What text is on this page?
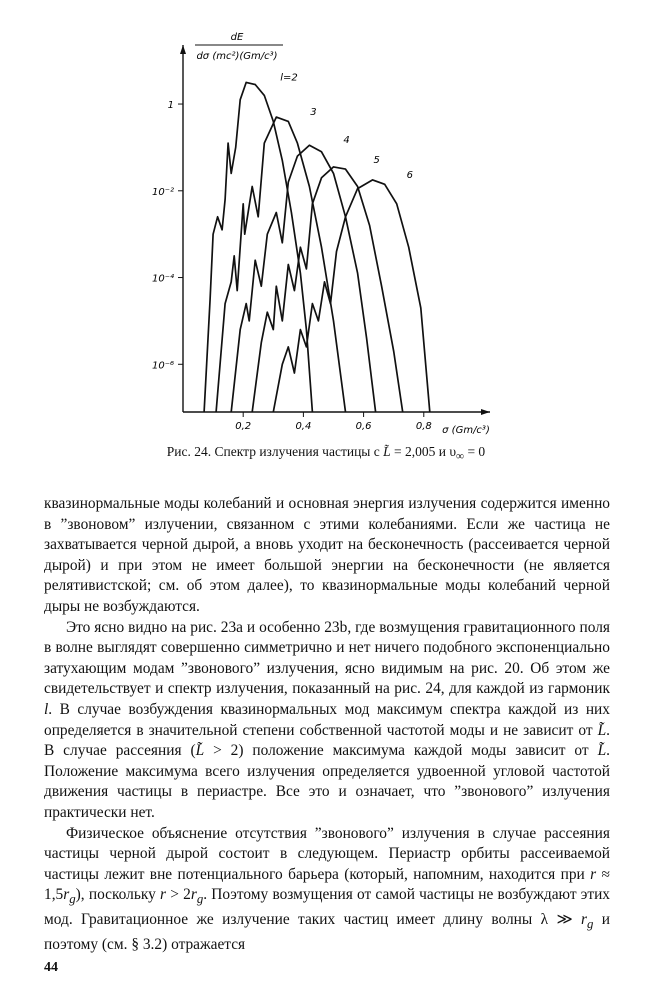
0,2	0,4	0,6	0,8
1
10⁻²
10⁻⁴
10⁻⁶
dE
dσ (mc²)(Gm/c³)
σ (Gm/c³)
l=2
3
4
5
6
Рис. 24. Спектр излучения частицы с L̃ = 2,005 и $\upsilon_\infty = 0$

квазинормальные моды колебаний и основная энергия излучения содержится именно в ”звоновом” излучении, связанном с этими колебаниями. Если же частица не захватывается черной дырой, а вновь уходит на бесконечность (рассеивается черной дырой) и при этом не имеет большой энергии на бесконечности (не является релятивистской; см. об этом далее), то квазинормальные моды колебаний черной дыры не возбуждаются.

Это ясно видно на рис. 23a и особенно 23b, где возмущения гравитационного поля в волне выглядят совершенно симметрично и нет ничего подобного экспоненциально затухающим модам ”звонового” излучения, ясно видимым на рис. 20. Об этом же свидетельствует и спектр излучения, показанный на рис. 24, для каждой из гармоник l. В случае возбуждения квазинормальных мод максимум спектра каждой из них определяется в значительной степени собственной частотой моды и не зависит от L̃. В случае рассеяния (L̃ > 2) положение максимума каждой моды зависит от L̃. Положение максимума всего излучения определяется удвоенной угловой частотой движения частицы в периастре. Все это и означает, что ”звонового” излучения практически нет.

Физическое объяснение отсутствия ”звонового” излучения в случае рассеяния частицы черной дырой состоит в следующем. Периастр орбиты рассеиваемой частицы лежит вне потенциального барьера (который, напомним, находится при $r \approx 1,5r_g$), поскольку $r > 2r_g$. Поэтому возмущения от самой частицы не возбуждают этих мод. Гравитационное же излучение таких частиц имеет длину волны λ ≫ $r_g$ и поэтому (см. § 3.2) отражается

44
